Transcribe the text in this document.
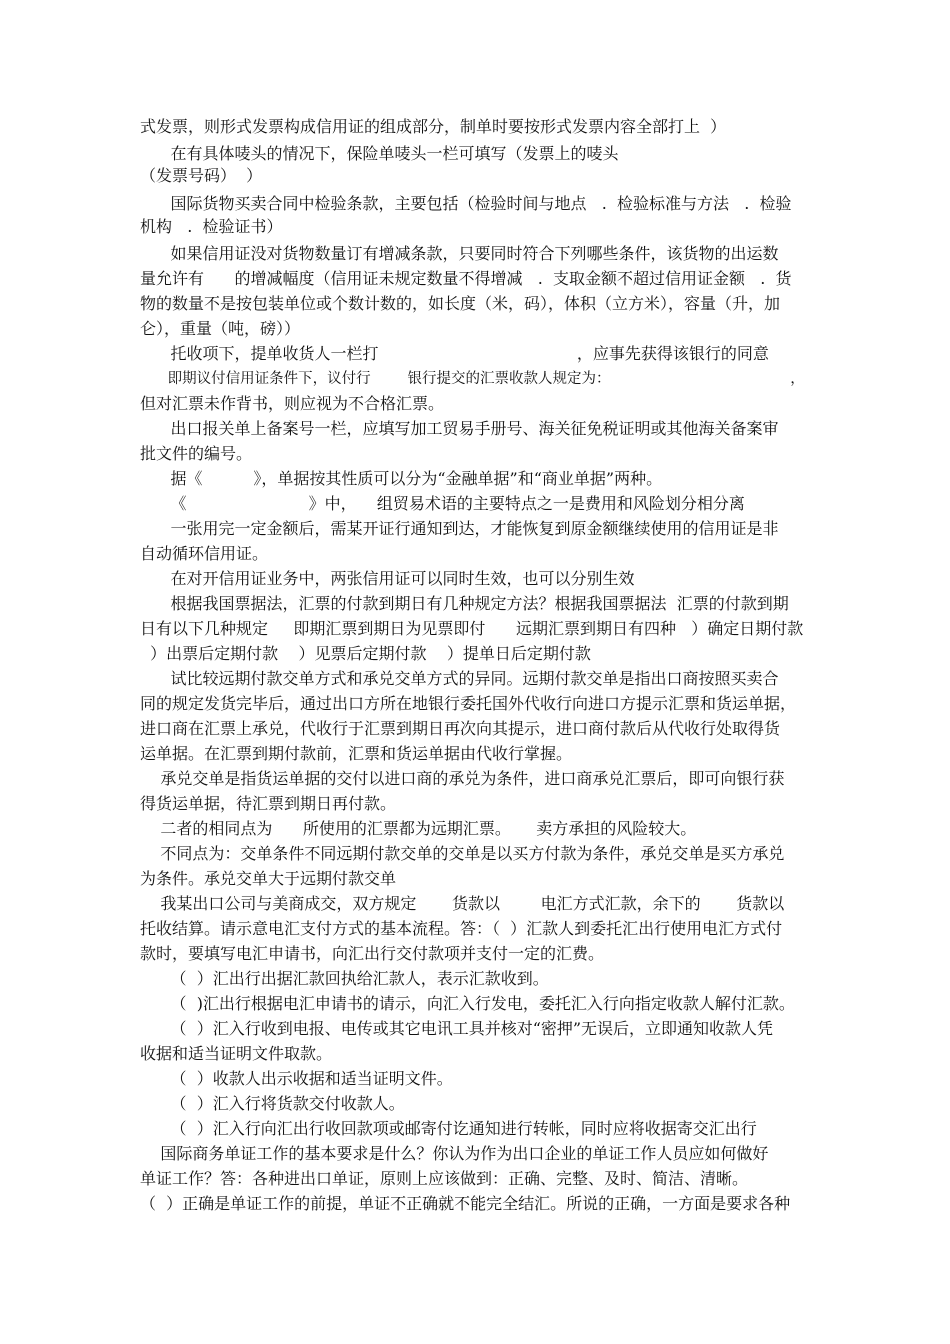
式发票，则形式发票构成信用证的组成部分，制单时要按形式发票内容全部打上  ）
在有具体唛头的情况下，保险单唛头一栏可填写（发票上的唛头
（发票号码）  ）
国际货物买卖合同中检验条款，主要包括（检验时间与地点   .  检验标准与方法   .  检验
机构   .  检验证书）
如果信用证没对货物数量订有增减条款，只要同时符合下列哪些条件，该货物的出运数
量允许有      的增减幅度（信用证未规定数量不得增减   .  支取金额不超过信用证金额   .  货
物的数量不是按包装单位或个数计数的，如长度（米，码），体积（立方米），容量（升，加
仑），重量（吨，磅））
托收项下，提单收货人一栏打                                       ，应事先获得该银行的同意
即期议付信用证条件下，议付行        银行提交的汇票收款人规定为：                                       ，
但对汇票未作背书，则应视为不合格汇票。
出口报关单上备案号一栏，应填写加工贸易手册号、海关征免税证明或其他海关备案审
批文件的编号。
据《          》，单据按其性质可以分为“金融单据”和“商业单据”两种。
《                        》中，    组贸易术语的主要特点之一是费用和风险划分相分离
一张用完一定金额后，需某开证行通知到达，才能恢复到原金额继续使用的信用证是非
自动循环信用证。
在对开信用证业务中，两张信用证可以同时生效，也可以分别生效
根据我国票据法，汇票的付款到期日有几种规定方法？根据我国票据法  汇票的付款到期
日有以下几种规定     即期汇票到期日为见票即付      远期汇票到期日有四种   ）确定日期付款
）出票后定期付款    ）见票后定期付款    ）提单日后定期付款
试比较远期付款交单方式和承兑交单方式的异同。远期付款交单是指出口商按照买卖合
同的规定发货完毕后，通过出口方所在地银行委托国外代收行向进口方提示汇票和货运单据，
进口商在汇票上承兑，代收行于汇票到期日再次向其提示，进口商付款后从代收行处取得货
运单据。在汇票到期付款前，汇票和货运单据由代收行掌握。
承兑交单是指货运单据的交付以进口商的承兑为条件，进口商承兑汇票后，即可向银行获
得货运单据，待汇票到期日再付款。
二者的相同点为      所使用的汇票都为远期汇票。     卖方承担的风险较大。
不同点为：交单条件不同远期付款交单的交单是以买方付款为条件，承兑交单是买方承兑
为条件。承兑交单大于远期付款交单
我某出口公司与美商成交，双方规定       货款以        电汇方式汇款，余下的       货款以
托收结算。请示意电汇支付方式的基本流程。答：（  ）汇款人到委托汇出行使用电汇方式付
款时，要填写电汇申请书，向汇出行交付款项并支付一定的汇费。
（  ）汇出行出据汇款回执给汇款人，表示汇款收到。
（  )汇出行根据电汇申请书的请示，向汇入行发电，委托汇入行向指定收款人解付汇款。
（  ）汇入行收到电报、电传或其它电讯工具并核对“密押”无误后，立即通知收款人凭
收据和适当证明文件取款。
（  ）收款人出示收据和适当证明文件。
（  ）汇入行将货款交付收款人。
（  ）汇入行向汇出行收回款项或邮寄付讫通知进行转帐，同时应将收据寄交汇出行
国际商务单证工作的基本要求是什么？你认为作为出口企业的单证工作人员应如何做好
单证工作？答：各种进出口单证，原则上应该做到：正确、完整、及时、简洁、清晰。
（  ）正确是单证工作的前提，单证不正确就不能完全结汇。所说的正确，一方面是要求各种
